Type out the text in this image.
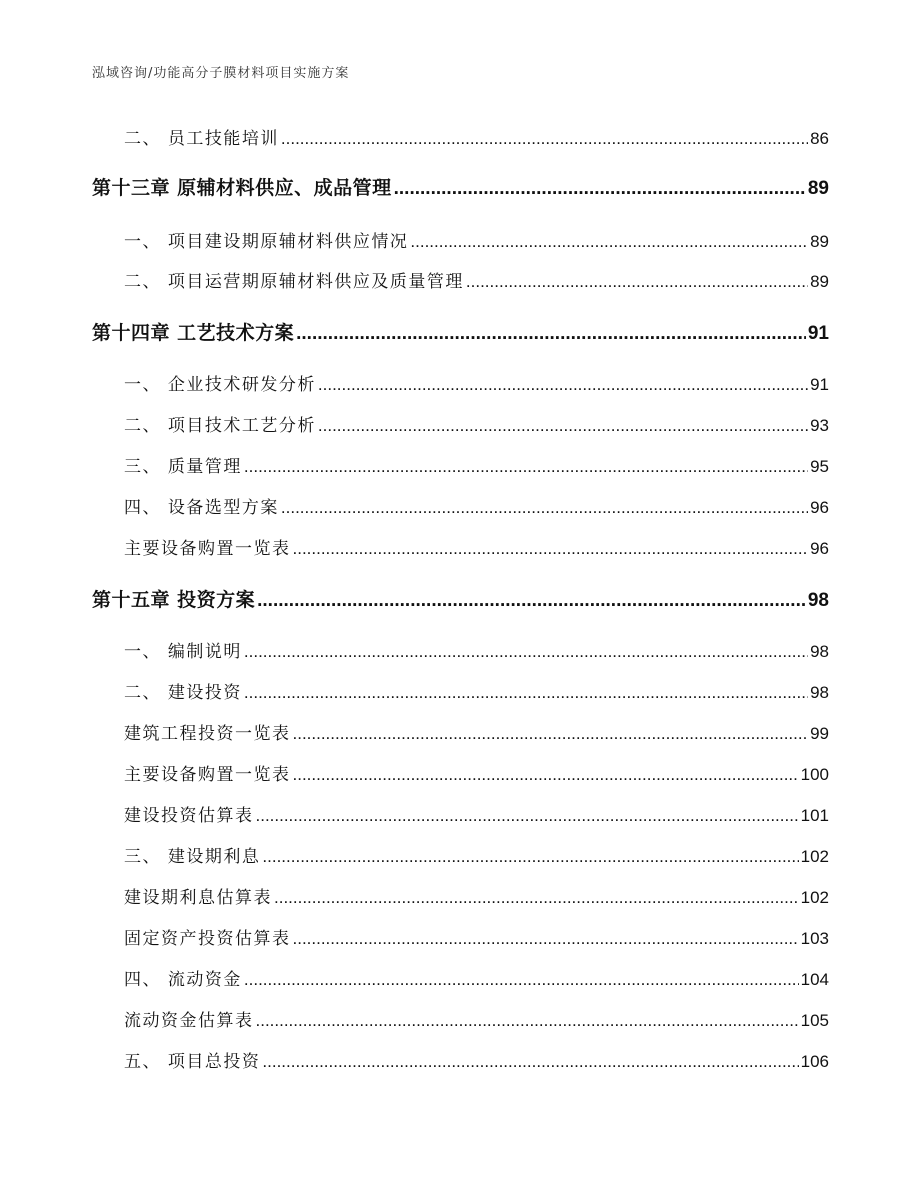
泓域咨询/功能高分子膜材料项目实施方案
二、 员工技能培训 .....	86
第十三章 原辅材料供应、成品管理 .....	89
一、 项目建设期原辅材料供应情况 .....	89
二、 项目运营期原辅材料供应及质量管理 .....	89
第十四章 工艺技术方案 .....	91
一、 企业技术研发分析 .....	91
二、 项目技术工艺分析 .....	93
三、 质量管理 .....	95
四、 设备选型方案 .....	96
主要设备购置一览表 .....	96
第十五章 投资方案 .....	98
一、 编制说明 .....	98
二、 建设投资 .....	98
建筑工程投资一览表 .....	99
主要设备购置一览表 .....	100
建设投资估算表 .....	101
三、 建设期利息 .....	102
建设期利息估算表 .....	102
固定资产投资估算表 .....	103
四、 流动资金 .....	104
流动资金估算表 .....	105
五、 项目总投资 .....	106
